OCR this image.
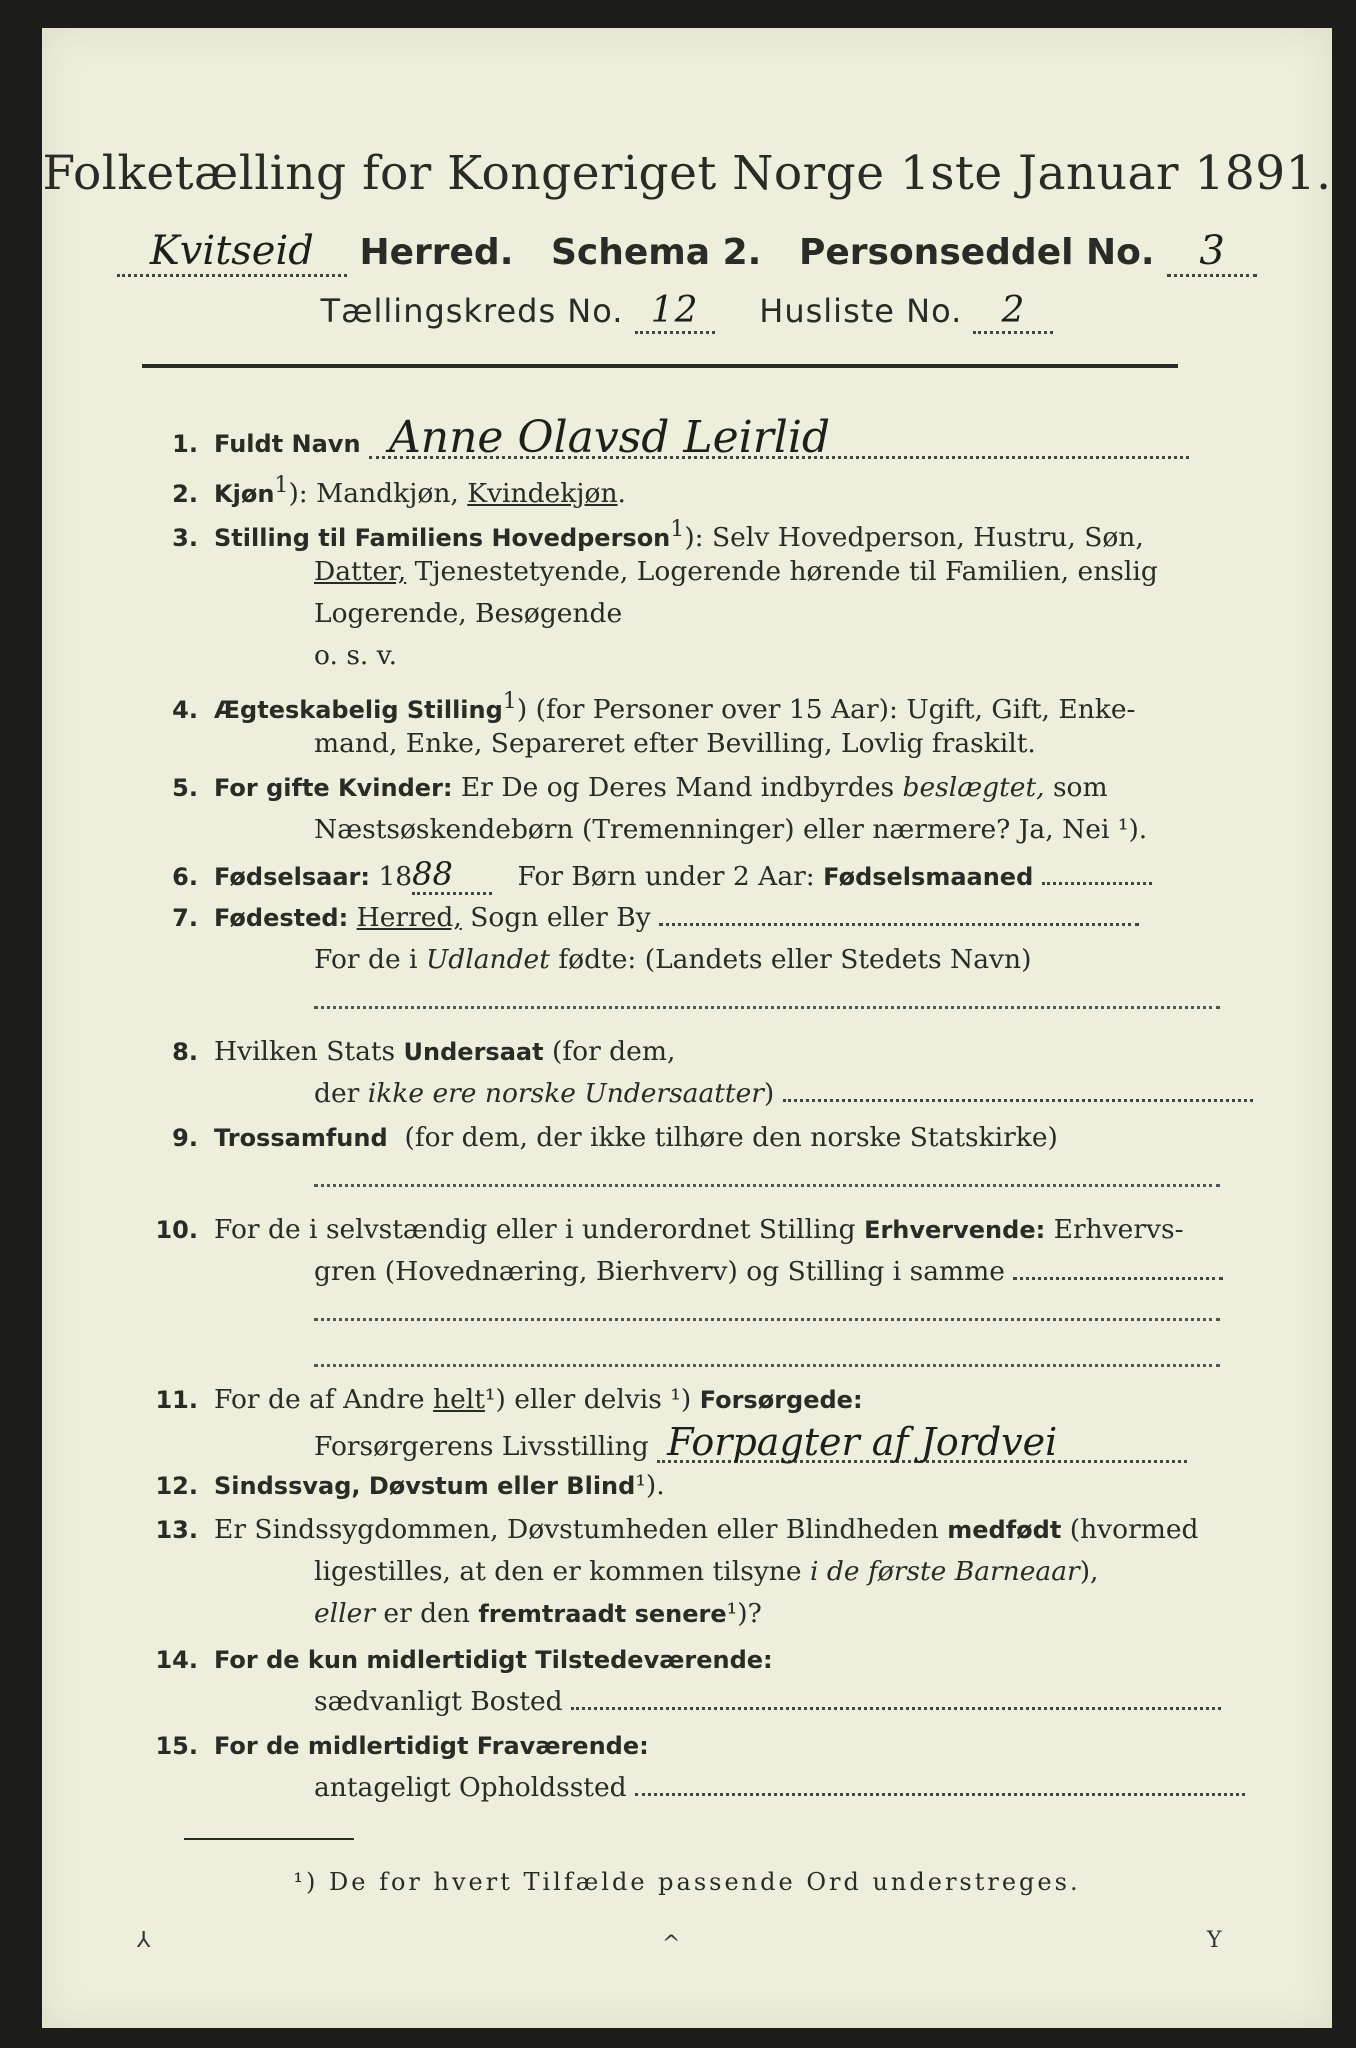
Folketælling for Kongeriget Norge 1ste Januar 1891.
Kvitseid Herred. Schema 2. Personseddel No. 3
Tællingskreds No. 12 Husliste No. 2
1. Fuldt Navn Anne Olavsd Leirlid
2. Kjøn$^1$): Mandkjøn, Kvindekjøn.
3. Stilling til Familiens Hovedperson$^1$): Selv Hovedperson, Hustru, Søn,
Datter, Tjenestetyende, Logerende hørende til Familien, enslig
Logerende, Besøgende
o. s. v.
4. Ægteskabelig Stilling$^1$) (for Personer over 15 Aar): Ugift, Gift, Enke-
mand, Enke, Separeret efter Bevilling, Lovlig fraskilt.
5. For gifte Kvinder: Er De og Deres Mand indbyrdes beslægtet, som
Næstsøskendebørn (Tremenninger) eller nærmere? Ja, Nei ¹).
6. Fødselsaar: 1888 For Børn under 2 Aar: Fødselsmaaned
7. Fødested: Herred, Sogn eller By
For de i Udlandet fødte: (Landets eller Stedets Navn)
8. Hvilken Stats Undersaat (for dem,
der ikke ere norske Undersaatter)
9. Trossamfund (for dem, der ikke tilhøre den norske Statskirke)
10. For de i selvstændig eller i underordnet Stilling Erhvervende: Erhvervs-
gren (Hovednæring, Bierhverv) og Stilling i samme
11. For de af Andre helt¹) eller delvis ¹) Forsørgede:
Forsørgerens Livsstilling Forpagter af Jordvei
12. Sindssvag, Døvstum eller Blind¹).
13. Er Sindssygdommen, Døvstumheden eller Blindheden medfødt (hvormed
ligestilles, at den er kommen tilsyne i de første Barneaar),
eller er den fremtraadt senere¹)?
14. For de kun midlertidigt Tilstedeværende:
sædvanligt Bosted
15. For de midlertidigt Fraværende:
antageligt Opholdssted
¹) De for hvert Tilfælde passende Ord understreges.
⅄	^	Y
